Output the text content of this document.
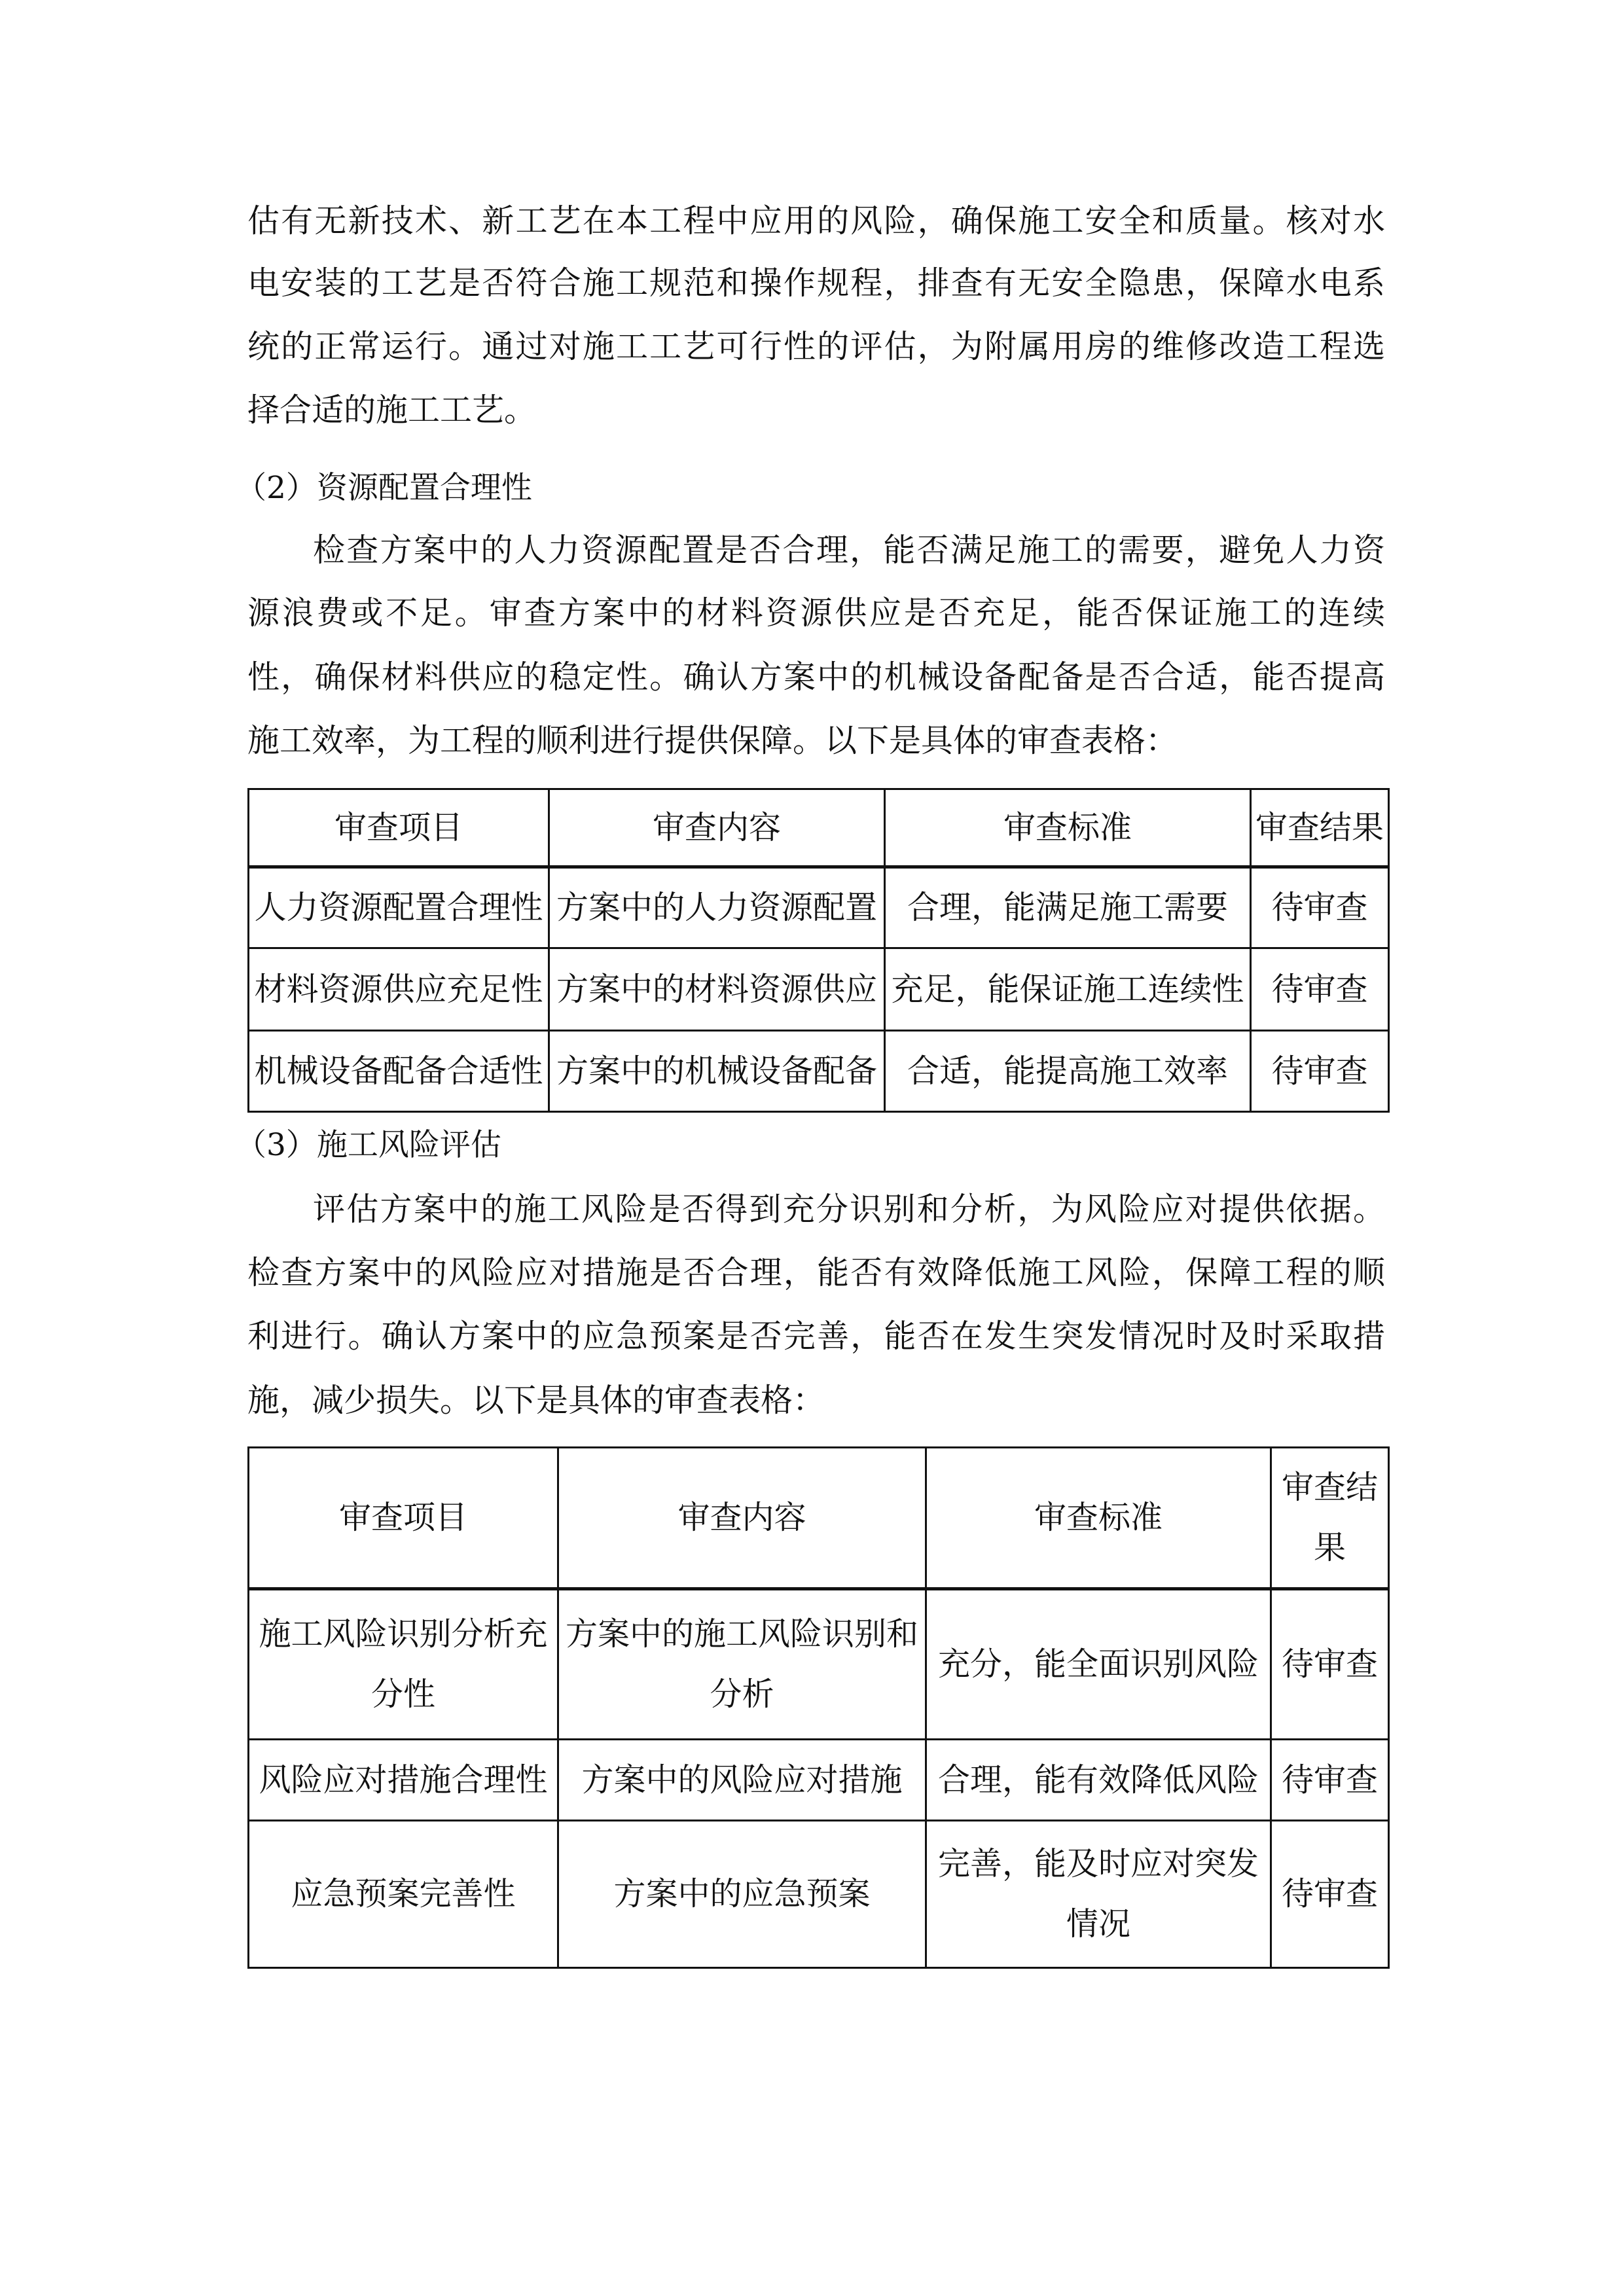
估有无新技术、新工艺在本工程中应用的风险，确保施工安全和质量。核对水
电安装的工艺是否符合施工规范和操作规程，排查有无安全隐患，保障水电系
统的正常运行。通过对施工工艺可行性的评估，为附属用房的维修改造工程选
择合适的施工工艺。
（2）资源配置合理性
检查方案中的人力资源配置是否合理，能否满足施工的需要，避免人力资
源浪费或不足。审查方案中的材料资源供应是否充足，能否保证施工的连续
性，确保材料供应的稳定性。确认方案中的机械设备配备是否合适，能否提高
施工效率，为工程的顺利进行提供保障。以下是具体的审查表格：
审查项目	审查内容	审查标准	审查结果
人力资源配置合理性	方案中的人力资源配置	合理，能满足施工需要	待审查
材料资源供应充足性	方案中的材料资源供应	充足，能保证施工连续性	待审查
机械设备配备合适性	方案中的机械设备配备	合适，能提高施工效率	待审查
（3）施工风险评估
评估方案中的施工风险是否得到充分识别和分析，为风险应对提供依据。
检查方案中的风险应对措施是否合理，能否有效降低施工风险，保障工程的顺
利进行。确认方案中的应急预案是否完善，能否在发生突发情况时及时采取措
施，减少损失。以下是具体的审查表格：
审查项目	审查内容	审查标准	审查结果
施工风险识别分析充分性	方案中的施工风险识别和分析	充分，能全面识别风险	待审查
风险应对措施合理性	方案中的风险应对措施	合理，能有效降低风险	待审查
应急预案完善性	方案中的应急预案	完善，能及时应对突发情况	待审查
